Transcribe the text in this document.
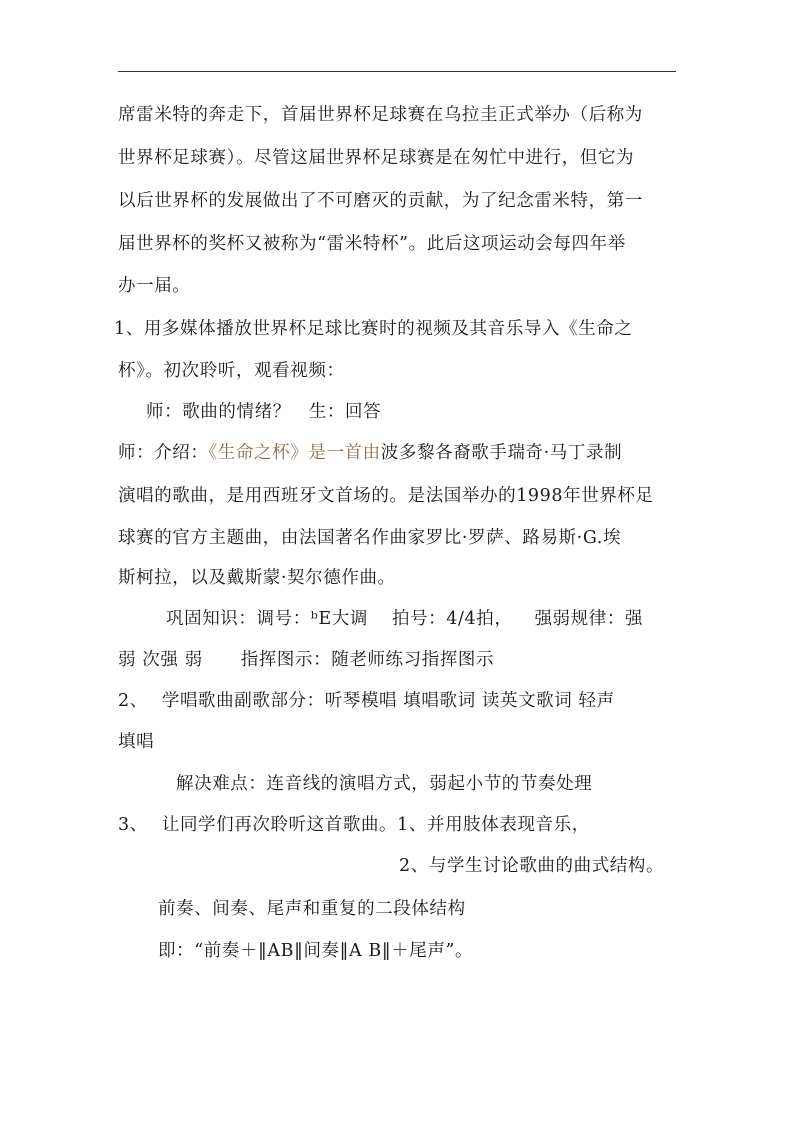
席雷米特的奔走下，首届世界杯足球赛在乌拉圭正式举办（后称为
世界杯足球赛）。尽管这届世界杯足球赛是在匆忙中进行，但它为
以后世界杯的发展做出了不可磨灭的贡献，为了纪念雷米特，第一
届世界杯的奖杯又被称为“雷米特杯”。此后这项运动会每四年举
办一届。
1、用多媒体播放世界杯足球比赛时的视频及其音乐导入《生命之
杯》。初次聆听，观看视频：
师：歌曲的情绪？ 生：回答
师：介绍：《生命之杯》是一首由波多黎各裔歌手瑞奇·马丁录制
演唱的歌曲，是用西班牙文首场的。是法国举办的1998年世界杯足
球赛的官方主题曲，由法国著名作曲家罗比·罗萨、路易斯·G.埃
斯柯拉，以及戴斯蒙·契尔德作曲。
巩固知识：调号：ᵇE大调 拍号：4/4拍， 强弱规律：强
弱 次强 弱 指挥图示：随老师练习指挥图示
2、 学唱歌曲副歌部分：听琴模唱 填唱歌词 读英文歌词 轻声
填唱
解决难点：连音线的演唱方式，弱起小节的节奏处理
3、 让同学们再次聆听这首歌曲。1、并用肢体表现音乐，
2、与学生讨论歌曲的曲式结构。
前奏、间奏、尾声和重复的二段体结构
即：“前奏＋‖AB‖间奏‖A B‖＋尾声”。
